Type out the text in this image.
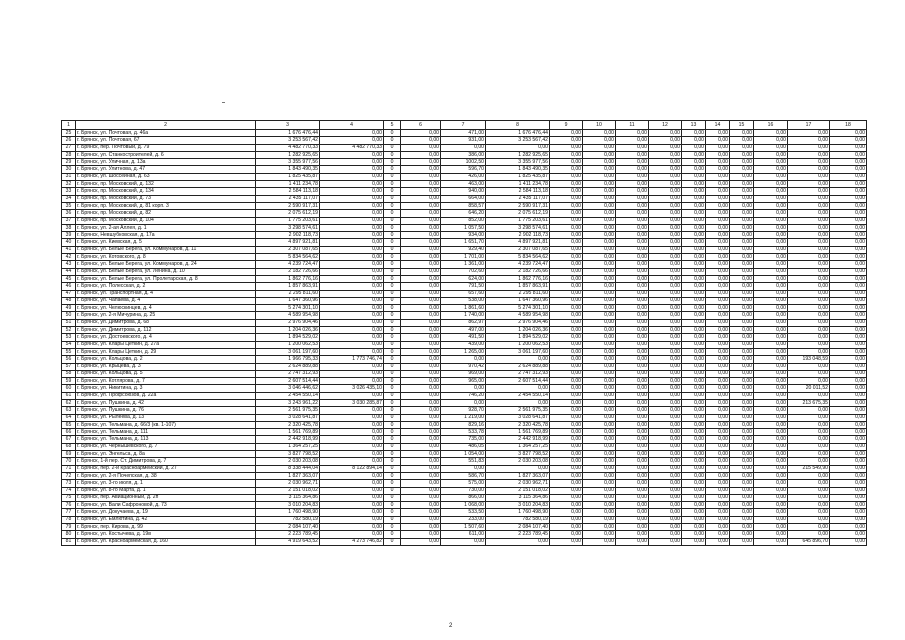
1	2	3	4	5	6	7	8	9	10	11	12	13	14	15	16	17	18
25	г. Брянск, ул. Почтовая, д. 46а	1 676 476,44	0,00	0	0,00	471,00	1 676 476,44	0,00	0,00	0,00	0,00	0,00	0,00	0,00	0,00	0,00	0,00
26	г. Брянск, ул. Почтовая, 67	3 253 567,42	0,00	0	0,00	931,00	3 253 567,42	0,00	0,00	0,00	0,00	0,00	0,00	0,00	0,00	0,00	0,00
27	г. Брянск, пер. Почтовый, д. 79	4 482 770,33	4 482 770,33	0	0,00	0,00	0,00	0,00	0,00	0,00	0,00	0,00	0,00	0,00	0,00	0,00	0,00
28	г. Брянск, ул. Станкостроителей, д. 6	1 282 925,65	0,00	0	0,00	386,00	1 282 925,65	0,00	0,00	0,00	0,00	0,00	0,00	0,00	0,00	0,00	0,00
29	г. Брянск, ул. Уличная, д. 13а	3 355 977,56	0,00	0	0,00	1002,50	3 355 977,56	0,00	0,00	0,00	0,00	0,00	0,00	0,00	0,00	0,00	0,00
30	г. Брянск, ул. Улитнова, д. 47	1 843 490,35	0,00	0	0,00	596,70	1 843 490,35	0,00	0,00	0,00	0,00	0,00	0,00	0,00	0,00	0,00	0,00
31	г. Брянск, ул. Шоссейная, д. 63	1 825 435,87	0,00	0	0,00	426,00	1 825 435,87	0,00	0,00	0,00	0,00	0,00	0,00	0,00	0,00	0,00	0,00
32	г. Брянск, пр. Московский, д. 132	1 411 234,78	0,00	0	0,00	463,00	1 411 234,78	0,00	0,00	0,00	0,00	0,00	0,00	0,00	0,00	0,00	0,00
33	г. Брянск, пр. Московский, д. 134	2 584 113,18	0,00	0	0,00	940,00	2 584 113,18	0,00	0,00	0,00	0,00	0,00	0,00	0,00	0,00	0,00	0,00
34	г. Брянск, пр. Московский, д. 73	2 435 117,07	0,00	0	0,00	664,00	2 435 117,07	0,00	0,00	0,00	0,00	0,00	0,00	0,00	0,00	0,00	0,00
35	г. Брянск, пр. Московский, д. 81 корп. 3	2 590 917,31	0,00	0	0,00	858,57	2 590 917,31	0,00	0,00	0,00	0,00	0,00	0,00	0,00	0,00	0,00	0,00
36	г. Брянск, пр. Московский, д. 82	2 075 612,19	0,00	0	0,00	646,20	2 075 612,19	0,00	0,00	0,00	0,00	0,00	0,00	0,00	0,00	0,00	0,00
37	г. Брянск, пр. Московский, д. 104	1 775 203,61	0,00	0	0,00	852,00	1 775 203,61	0,00	0,00	0,00	0,00	0,00	0,00	0,00	0,00	0,00	0,00
38	г. Брянск, ул. 2-ая Аллея, д. 1	3 298 574,61	0,00	0	0,00	1 057,50	3 298 574,61	0,00	0,00	0,00	0,00	0,00	0,00	0,00	0,00	0,00	0,00
39	г. Брянск, Невшубковская, д. 17а	2 902 118,73	0,00	0	0,00	934,00	2 902 118,73	0,00	0,00	0,00	0,00	0,00	0,00	0,00	0,00	0,00	0,00
40	г. Брянск, ул. Киевская, д. 5	4 897 921,81	0,00	0	0,00	1 651,70	4 897 921,81	0,00	0,00	0,00	0,00	0,00	0,00	0,00	0,00	0,00	0,00
41	г. Брянск, ул. Белые Берега, ул. Коммунаров, д. 11	2 307 087,65	0,00	0	0,00	929,40	2 307 087,65	0,00	0,00	0,00	0,00	0,00	0,00	0,00	0,00	0,00	0,00
42	г. Брянск, ул. Котовского, д. 8	5 834 564,62	0,00	0	0,00	1 701,00	5 834 564,62	0,00	0,00	0,00	0,00	0,00	0,00	0,00	0,00	0,00	0,00
43	г. Брянск, ул. Белые Берега, ул. Коммунаров, д. 24	4 239 724,47	0,00	0	0,00	1 361,00	4 239 724,47	0,00	0,00	0,00	0,00	0,00	0,00	0,00	0,00	0,00	0,00
44	г. Брянск, ул. Белые Берега, ул. Ленина, д. 10	2 182 726,66	0,00	0	0,00	702,60	2 182 726,66	0,00	0,00	0,00	0,00	0,00	0,00	0,00	0,00	0,00	0,00
45	г. Брянск, ул. Белые Берега, ул. Пролетарская, д. 8	1 862 776,16	0,00	0	0,00	624,00	1 862 776,16	0,00	0,00	0,00	0,00	0,00	0,00	0,00	0,00	0,00	0,00
46	г. Брянск, ул. Полесская, д. 2	1 857 863,91	0,00	0	0,00	791,50	1 857 863,91	0,00	0,00	0,00	0,00	0,00	0,00	0,00	0,00	0,00	0,00
47	г. Брянск, ул. Транспортная, д. 4	2 295 811,60	0,00	0	0,00	657,60	2 295 811,60	0,00	0,00	0,00	0,00	0,00	0,00	0,00	0,00	0,00	0,00
48	г. Брянск, ул. Чапаева, д. 4	1 647 360,96	0,00	0	0,00	538,00	1 647 360,96	0,00	0,00	0,00	0,00	0,00	0,00	0,00	0,00	0,00	0,00
49	г. Брянск, ул. Челюскинцев, д. 4	5 274 301,10	0,00	0	0,00	1 861,60	5 274 301,10	0,00	0,00	0,00	0,00	0,00	0,00	0,00	0,00	0,00	0,00
50	г. Брянск, ул. 2-я Мичурина, д. 25	4 589 954,98	0,00	0	0,00	1 740,00	4 589 954,98	0,00	0,00	0,00	0,00	0,00	0,00	0,00	0,00	0,00	0,00
51	г. Брянск, ул. Димитрова, д. 68	2 976 904,46	0,00	0	0,00	862,97	2 976 904,46	0,00	0,00	0,00	0,00	0,00	0,00	0,00	0,00	0,00	0,00
52	г. Брянск, ул. Димитрова, д. 112	1 204 026,36	0,00	0	0,00	497,00	1 204 026,36	0,00	0,00	0,00	0,00	0,00	0,00	0,00	0,00	0,00	0,00
53	г. Брянск, ул. Достоевского, д. 4	1 894 529,02	0,00	0	0,00	491,50	1 894 529,02	0,00	0,00	0,00	0,00	0,00	0,00	0,00	0,00	0,00	0,00
54	г. Брянск, ул. Клары Цеткин, д. 27а	1 200 062,53	0,00	0	0,00	439,00	1 200 062,53	0,00	0,00	0,00	0,00	0,00	0,00	0,00	0,00	0,00	0,00
55	г. Брянск, ул. Клары Цеткин, д. 29	3 061 197,60	0,00	0	0,00	1 265,00	3 061 197,60	0,00	0,00	0,00	0,00	0,00	0,00	0,00	0,00	0,00	0,00
56	г. Брянск, ул. Кольцова, д. 2	1 966 795,33	1 773 746,74	0	0,00	0,00	0,00	0,00	0,00	0,00	0,00	0,00	0,00	0,00	0,00	193 048,59	0,00
57	г. Брянск, ул. Крыцева, д. 3	2 624 889,88	0,00	0	0,00	970,42	2 624 889,88	0,00	0,00	0,00	0,00	0,00	0,00	0,00	0,00	0,00	0,00
58	г. Брянск, ул. Кольцова, д. 5	2 747 312,93	0,00	0	0,00	969,00	2 747 312,93	0,00	0,00	0,00	0,00	0,00	0,00	0,00	0,00	0,00	0,00
59	г. Брянск, ул. Котлярова, д. 7	2 607 514,44	0,00	0	0,00	965,00	2 607 514,44	0,00	0,00	0,00	0,00	0,00	0,00	0,00	0,00	0,00	0,00
60	г. Брянск, ул. Никитина, д. 3	3 046 446,62	3 026 435,10	0	0,00	0,00	0,00	0,00	0,00	0,00	0,00	0,00	0,00	0,00	0,00	20 011,52	0,00
61	г. Брянск, ул. Профсоюзов, д. 22а	2 454 550,14	0,00	0	0,00	746,20	2 454 550,14	0,00	0,00	0,00	0,00	0,00	0,00	0,00	0,00	0,00	0,00
62	г. Брянск, ул. Пушкина, д. 42	3 243 961,22	3 030 285,87	0	0,00	0,00	0,00	0,00	0,00	0,00	0,00	0,00	0,00	0,00	0,00	213 675,35	0,00
63	г. Брянск, ул. Пушкина, д. 76	2 561 975,35	0,00	0	0,00	928,70	2 561 975,35	0,00	0,00	0,00	0,00	0,00	0,00	0,00	0,00	0,00	0,00
64	г. Брянск, ул. Рылеева, д. 13	3 028 641,87	0,00	0	0,00	1 219,00	3 028 641,87	0,00	0,00	0,00	0,00	0,00	0,00	0,00	0,00	0,00	0,00
65	г. Брянск, ул. Тельмана, д. 66/3 (кв. 1-107)	2 320 425,78	0,00	0	0,00	829,16	2 320 425,78	0,00	0,00	0,00	0,00	0,00	0,00	0,00	0,00	0,00	0,00
66	г. Брянск, ул. Тельмана, д. 111	1 561 769,89	0,00	0	0,00	533,78	1 561 769,89	0,00	0,00	0,00	0,00	0,00	0,00	0,00	0,00	0,00	0,00
67	г. Брянск, ул. Тельмана, д. 113	2 442 918,99	0,00	0	0,00	735,00	2 442 918,99	0,00	0,00	0,00	0,00	0,00	0,00	0,00	0,00	0,00	0,00
68	г. Брянск, ул. Чернышевского, д. 7	1 364 257,25	0,00	0	0,00	486,05	1 364 257,25	0,00	0,00	0,00	0,00	0,00	0,00	0,00	0,00	0,00	0,00
69	г. Брянск, ул. Энгельса, д. 8а	3 827 798,52	0,00	0	0,00	1 054,00	3 827 798,52	0,00	0,00	0,00	0,00	0,00	0,00	0,00	0,00	0,00	0,00
70	г. Брянск, 1-й пер. Ст. Димитрова, д. 7	2 030 203,08	0,00	0	0,00	551,83	2 030 203,08	0,00	0,00	0,00	0,00	0,00	0,00	0,00	0,00	0,00	0,00
71	г. Брянск, пер. 2-й Красноармейский, д. 27	8 338 444,04	8 122 894,14	0	0,00	0,00	0,00	0,00	0,00	0,00	0,00	0,00	0,00	0,00	0,00	215 549,90	0,00
72	г. Брянск, ул. 2-я Почепская, д. 38	1 827 363,07	0,00	0	0,00	586,70	1 827 363,07	0,00	0,00	0,00	0,00	0,00	0,00	0,00	0,00	0,00	0,00
73	г. Брянск, ул. 3-го июля, д. 1	2 030 962,71	0,00	0	0,00	575,00	2 030 962,71	0,00	0,00	0,00	0,00	0,00	0,00	0,00	0,00	0,00	0,00
74	г. Брянск, ул. 8-го Марта, д. 1	2 151 018,02	0,00	0	0,00	730,00	2 151 018,02	0,00	0,00	0,00	0,00	0,00	0,00	0,00	0,00	0,00	0,00
75	г. Брянск, пер. Авиационный, д. 2п	3 115 364,86	0,00	0	0,00	866,00	3 115 364,86	0,00	0,00	0,00	0,00	0,00	0,00	0,00	0,00	0,00	0,00
76	г. Брянск, ул. Вали Сафроновой, д. 73	3 010 204,83	0,00	0	0,00	1 068,00	3 010 204,83	0,00	0,00	0,00	0,00	0,00	0,00	0,00	0,00	0,00	0,00
77	г. Брянск, ул. Докучаева, д. 19	1 760 498,90	0,00	0	0,00	533,50	1 760 498,90	0,00	0,00	0,00	0,00	0,00	0,00	0,00	0,00	0,00	0,00
78	г. Брянск, ул. Емлютина, д. 42	782 580,19	0,00	0	0,00	233,00	782 580,19	0,00	0,00	0,00	0,00	0,00	0,00	0,00	0,00	0,00	0,00
79	г. Брянск, пер. Кирова, д. 99	2 084 107,40	0,00	0	0,00	1 507,60	2 084 107,40	0,00	0,00	0,00	0,00	0,00	0,00	0,00	0,00	0,00	0,00
80	г. Брянск, ул. Костычева, д. 19в	2 223 789,45	0,00	0	0,00	611,00	2 223 789,45	0,00	0,00	0,00	0,00	0,00	0,00	0,00	0,00	0,00	0,00
81	г. Брянск, ул. Красноармейская, д. 160	4 919 643,52	4 273 746,82	0	0,00	0,00	0,00	0,00	0,00	0,00	0,00	0,00	0,00	0,00	0,00	645 896,70	0,00
2
